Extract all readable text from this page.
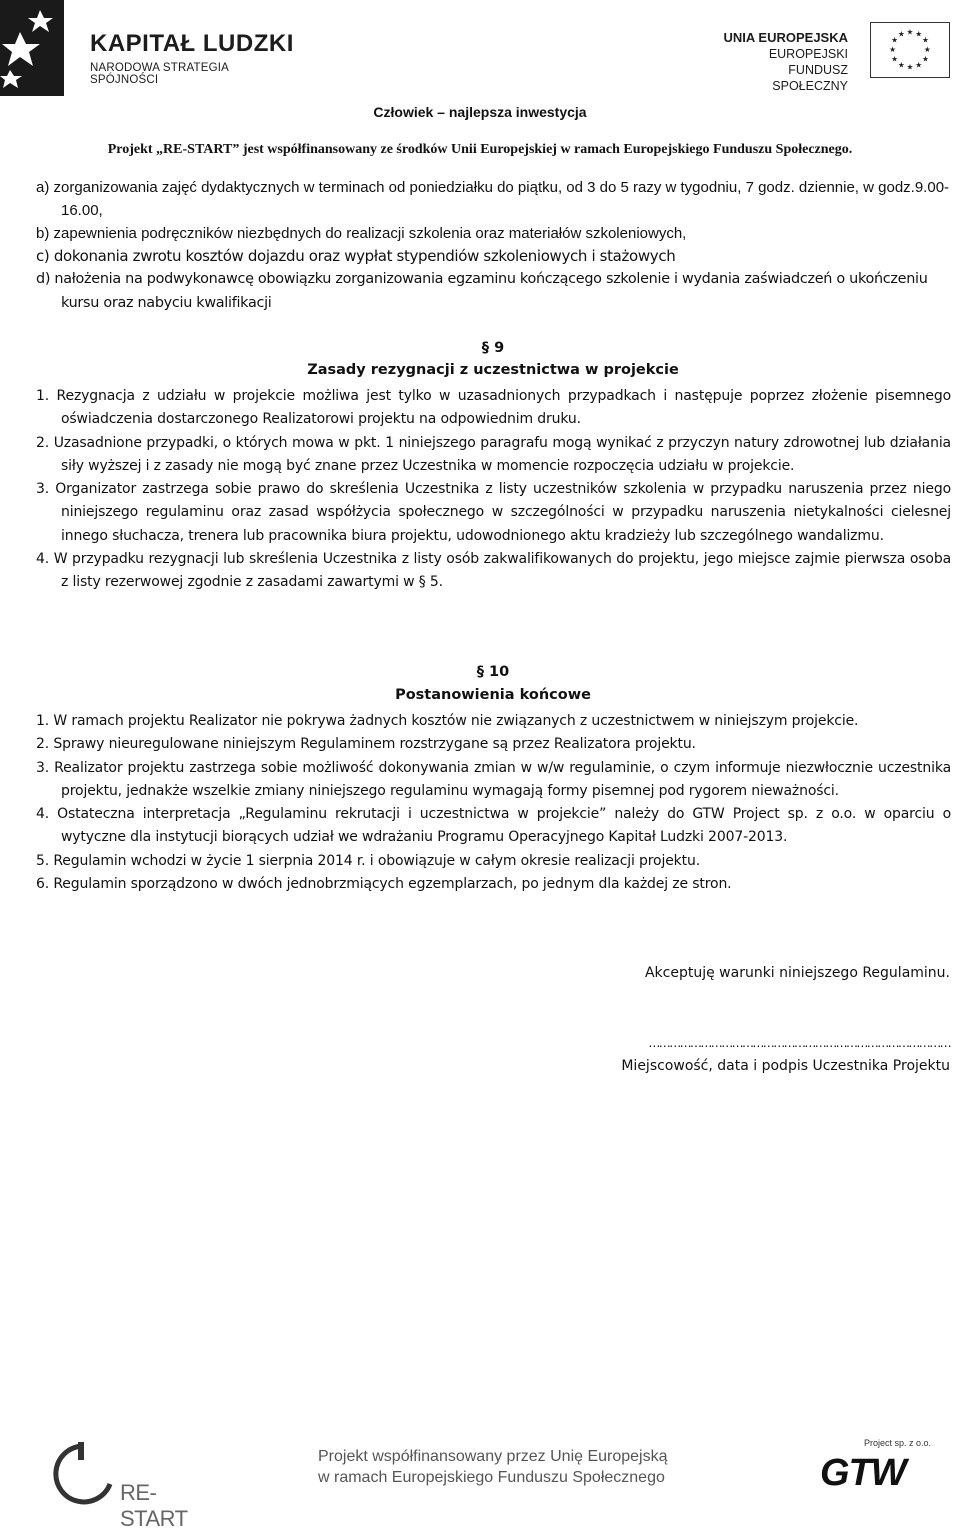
KAPITAŁ LUDZKI
NARODOWA STRATEGIA SPÓJNOŚCI
UNIA EUROPEJSKA
EUROPEJSKI
FUNDUSZ SPOŁECZNY
★ ★
★
★
★
★
★
★
★
★
★
★
Człowiek – najlepsza inwestycja
Projekt „RE-START” jest współfinansowany ze środków Unii Europejskiej w ramach Europejskiego Funduszu Społecznego.
a) zorganizowania zajęć dydaktycznych w terminach od poniedziałku do piątku, od 3 do 5 razy w tygodniu, 7 godz. dziennie, w godz.9.00-16.00,
b) zapewnienia podręczników niezbędnych do realizacji szkolenia oraz materiałów szkoleniowych,
c) dokonania zwrotu kosztów dojazdu oraz wypłat stypendiów szkoleniowych i stażowych
d) nałożenia na podwykonawcę obowiązku zorganizowania egzaminu kończącego szkolenie i wydania zaświadczeń o ukończeniu kursu oraz nabyciu kwalifikacji
§ 9
Zasady rezygnacji z uczestnictwa w projekcie
1. Rezygnacja z udziału w projekcie możliwa jest tylko w uzasadnionych przypadkach i następuje poprzez złożenie pisemnego oświadczenia dostarczonego Realizatorowi projektu na odpowiednim druku.
2. Uzasadnione przypadki, o których mowa w pkt. 1 niniejszego paragrafu mogą wynikać z przyczyn natury zdrowotnej lub działania siły wyższej i z zasady nie mogą być znane przez Uczestnika w momencie rozpoczęcia udziału w projekcie.
3. Organizator zastrzega sobie prawo do skreślenia Uczestnika z listy uczestników szkolenia w przypadku naruszenia przez niego niniejszego regulaminu oraz zasad współżycia społecznego w szczególności w przypadku naruszenia nietykalności cielesnej innego słuchacza, trenera lub pracownika biura projektu, udowodnionego aktu kradzieży lub szczególnego wandalizmu.
4. W przypadku rezygnacji lub skreślenia Uczestnika z listy osób zakwalifikowanych do projektu, jego miejsce zajmie pierwsza osoba z listy rezerwowej zgodnie z zasadami zawartymi w § 5.
§ 10
Postanowienia końcowe
1. W ramach projektu Realizator nie pokrywa żadnych kosztów nie związanych z uczestnictwem w niniejszym projekcie.
2. Sprawy nieuregulowane niniejszym Regulaminem rozstrzygane są przez Realizatora projektu.
3. Realizator projektu zastrzega sobie możliwość dokonywania zmian w w/w regulaminie, o czym informuje niezwłocznie uczestnika projektu, jednakże wszelkie zmiany niniejszego regulaminu wymagają formy pisemnej pod rygorem nieważności.
4. Ostateczna interpretacja „Regulaminu rekrutacji i uczestnictwa w projekcie” należy do GTW Project sp. z o.o. w oparciu o wytyczne dla instytucji biorących udział we wdrażaniu Programu Operacyjnego Kapitał Ludzki 2007-2013.
5. Regulamin wchodzi w życie 1 sierpnia 2014 r. i obowiązuje w całym okresie realizacji projektu.
6. Regulamin sporządzono w dwóch jednobrzmiących egzemplarzach, po jednym dla każdej ze stron.
Akceptuję warunki niniejszego Regulaminu.
……………………………………………………………………………
Miejscowość, data i podpis Uczestnika Projektu
RE-START
Projekt współfinansowany przez Unię Europejską
w ramach Europejskiego Funduszu Społecznego
Project sp. z o.o.
GTW
